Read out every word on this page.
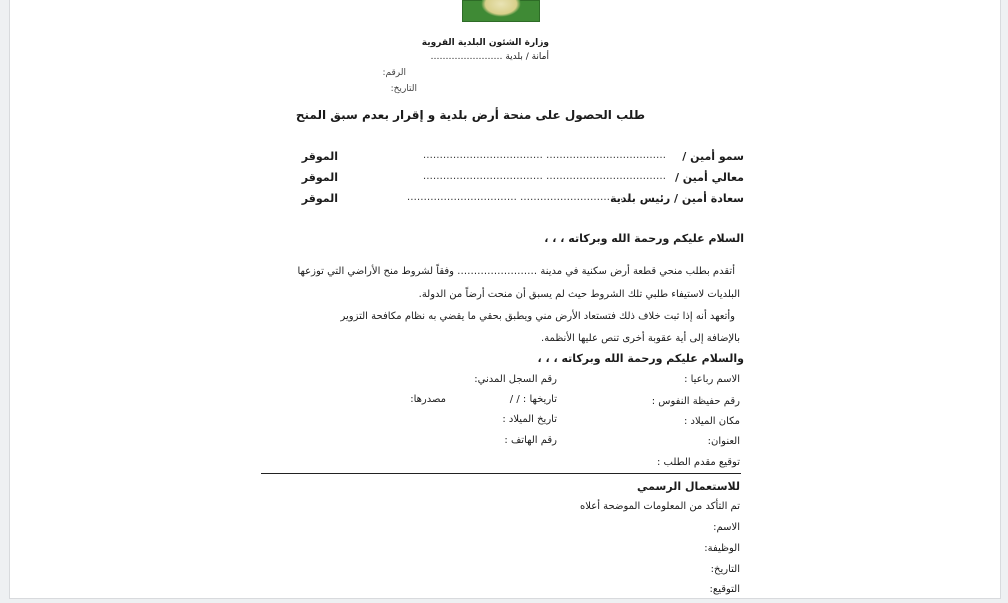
وزارة الشئون البلدية القروية
أمانة / بلدية ……………………
الرقم:
التاريخ:
طلب الحصول على منحة أرض بلدية و إقرار بعدم سبق المنح
سمو أمين /
……………………………… ………………………………
الموقر
معالي أمين /
……………………………… ………………………………
الموقر
سعادة أمين / رئيس بلدية
…………………………… ……………………………
الموقر
السلام عليكم ورحمة الله وبركاته ، ، ،
أتقدم بطلب منحي قطعة أرض سكنية في مدينة …………………… وفقاً لشروط منح الأراضي التي توزعها
البلديات لاستيفاء طلبي تلك الشروط حيث لم يسبق أن منحت أرضاً من الدولة.
وأتعهد أنه إذا ثبت خلاف ذلك فتستعاد الأرض مني ويطبق بحقي ما يقضي به نظام مكافحة التزوير
بالإضافة إلى أية عقوبة أخرى تنص عليها الأنظمة.
والسلام عليكم ورحمة الله وبركاته ، ، ،
الاسم رباعيا :
رقم السجل المدني:
رقم حفيظة النفوس :
تاريخها : / /
مصدرها:
مكان الميلاد :
تاريخ الميلاد :
العنوان:
رقم الهاتف :
توقيع مقدم الطلب :
للاستعمال الرسمي
تم التأكد من المعلومات الموضحة أعلاه
الاسم:
الوظيفة:
التاريخ:
التوقيع:
